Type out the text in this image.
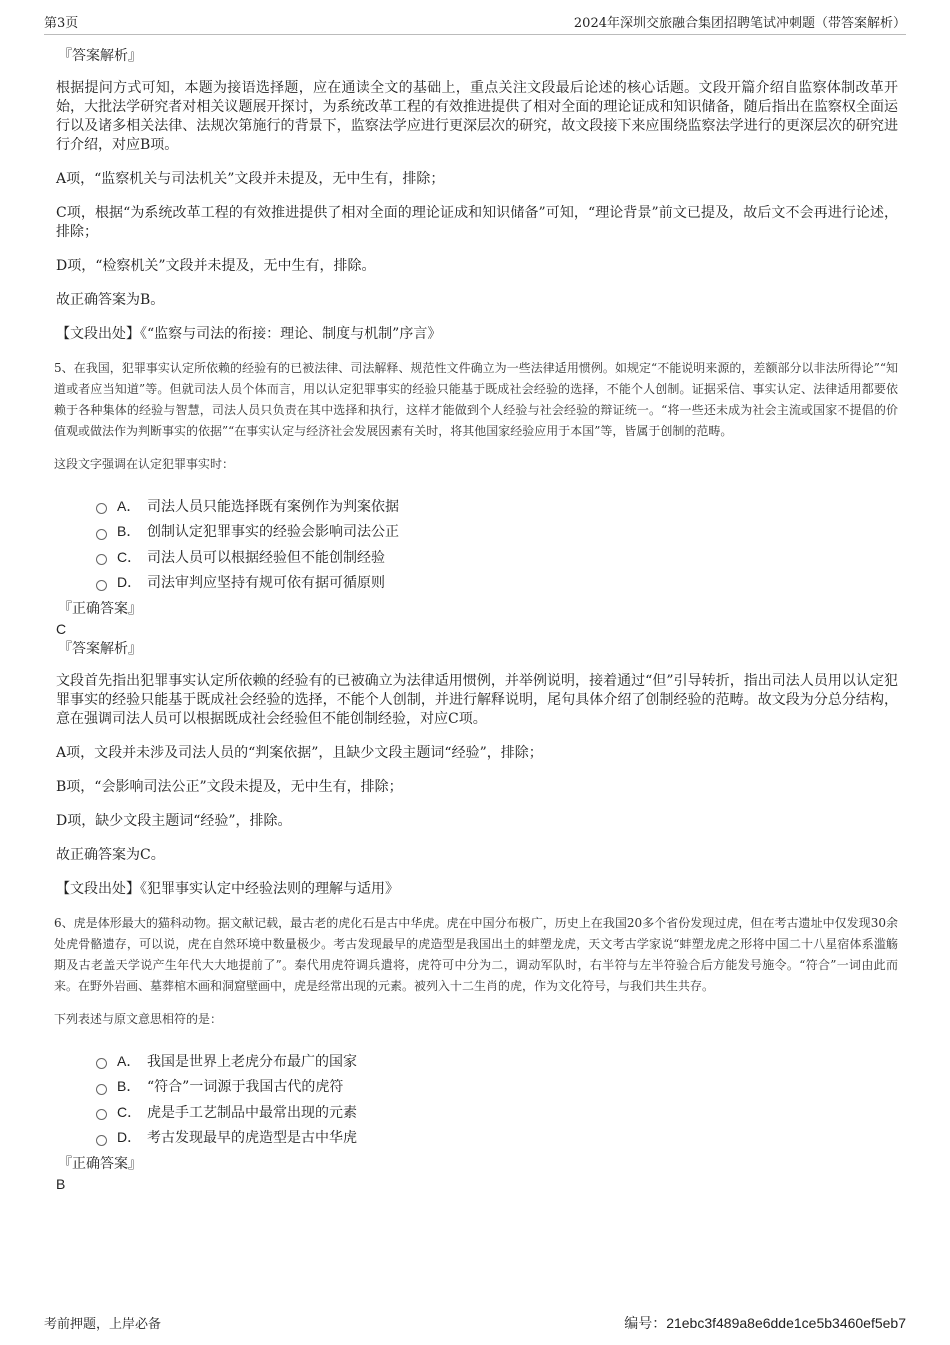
第3页	2024年深圳交旅融合集团招聘笔试冲刺题（带答案解析）

『答案解析』

根据提问方式可知，本题为接语选择题，应在通读全文的基础上，重点关注文段最后论述的核心话题。文段开篇介绍自监察体制改革开始，大批法学研究者对相关议题展开探讨，为系统改革工程的有效推进提供了相对全面的理论证成和知识储备，随后指出在监察权全面运行以及诸多相关法律、法规次第施行的背景下，监察法学应进行更深层次的研究，故文段接下来应围绕监察法学进行的更深层次的研究进行介绍，对应B项。

A项，“监察机关与司法机关”文段并未提及，无中生有，排除；

C项，根据“为系统改革工程的有效推进提供了相对全面的理论证成和知识储备”可知，“理论背景”前文已提及，故后文不会再进行论述，排除；

D项，“检察机关”文段并未提及，无中生有，排除。

故正确答案为B。

【文段出处】《“监察与司法的衔接：理论、制度与机制”序言》

5、在我国，犯罪事实认定所依赖的经验有的已被法律、司法解释、规范性文件确立为一些法律适用惯例。如规定“不能说明来源的，差额部分以非法所得论”“知道或者应当知道”等。但就司法人员个体而言，用以认定犯罪事实的经验只能基于既成社会经验的选择，不能个人创制。证据采信、事实认定、法律适用都要依赖于各种集体的经验与智慧，司法人员只负责在其中选择和执行，这样才能做到个人经验与社会经验的辩证统一。“将一些还未成为社会主流或国家不提倡的价值观或做法作为判断事实的依据”“在事实认定与经济社会发展因素有关时，将其他国家经验应用于本国”等，皆属于创制的范畴。

这段文字强调在认定犯罪事实时：

A． 司法人员只能选择既有案例作为判案依据
B． 创制认定犯罪事实的经验会影响司法公正
C． 司法人员可以根据经验但不能创制经验
D． 司法审判应坚持有规可依有据可循原则

『正确答案』

C

『答案解析』

文段首先指出犯罪事实认定所依赖的经验有的已被确立为法律适用惯例，并举例说明，接着通过“但”引导转折，指出司法人员用以认定犯罪事实的经验只能基于既成社会经验的选择，不能个人创制，并进行解释说明，尾句具体介绍了创制经验的范畴。故文段为分总分结构，意在强调司法人员可以根据既成社会经验但不能创制经验，对应C项。

A项，文段并未涉及司法人员的“判案依据”，且缺少文段主题词“经验”，排除；

B项，“会影响司法公正”文段未提及，无中生有，排除；

D项，缺少文段主题词“经验”，排除。

故正确答案为C。

【文段出处】《犯罪事实认定中经验法则的理解与适用》

6、虎是体形最大的猫科动物。据文献记载，最古老的虎化石是古中华虎。虎在中国分布极广，历史上在我国20多个省份发现过虎，但在考古遗址中仅发现30余处虎骨骼遗存，可以说，虎在自然环境中数量极少。考古发现最早的虎造型是我国出土的蚌塑龙虎，天文考古学家说“蚌塑龙虎之形将中国二十八星宿体系滥觞期及古老盖天学说产生年代大大地提前了”。秦代用虎符调兵遣将，虎符可中分为二，调动军队时，右半符与左半符验合后方能发号施令。“符合”一词由此而来。在野外岩画、墓葬棺木画和洞窟壁画中，虎是经常出现的元素。被列入十二生肖的虎，作为文化符号，与我们共生共存。

下列表述与原文意思相符的是：

A． 我国是世界上老虎分布最广的国家
B． “符合”一词源于我国古代的虎符
C． 虎是手工艺制品中最常出现的元素
D． 考古发现最早的虎造型是古中华虎

『正确答案』

B

考前押题，上岸必备	编号：21ebc3f489a8e6dde1ce5b3460ef5eb7
